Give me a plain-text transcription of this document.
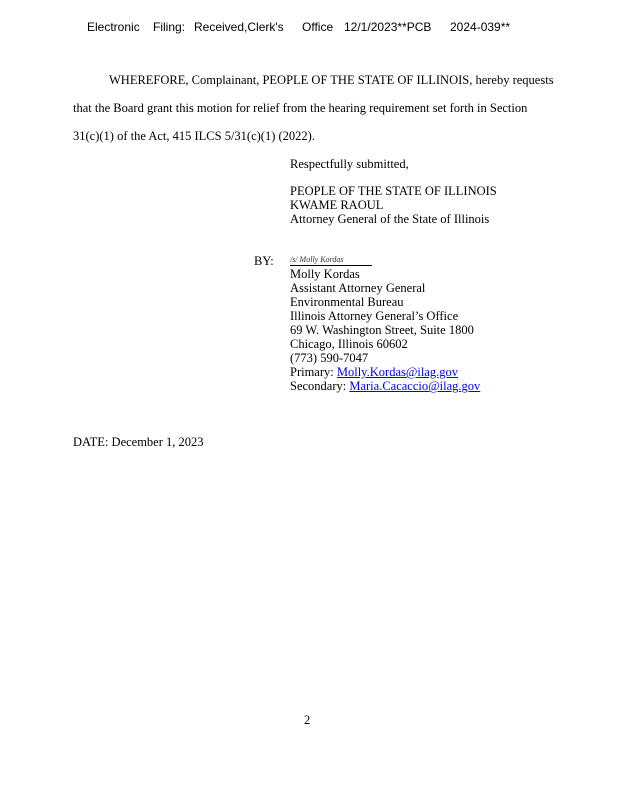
Electronic Filing: Received,Clerk's Office 12/1/2023**PCB 2024-039**
WHEREFORE, Complainant, PEOPLE OF THE STATE OF ILLINOIS, hereby requests
that the Board grant this motion for relief from the hearing requirement set forth in Section
31(c)(1) of the Act, 415 ILCS 5/31(c)(1) (2022).
Respectfully submitted,
PEOPLE OF THE STATE OF ILLINOIS
KWAME RAOUL
Attorney General of the State of Illinois
BY: /s/ Molly Kordas
Molly Kordas
Assistant Attorney General
Environmental Bureau
Illinois Attorney General’s Office
69 W. Washington Street, Suite 1800
Chicago, Illinois 60602
(773) 590-7047
Primary: Molly.Kordas@ilag.gov
Secondary: Maria.Cacaccio@ilag.gov
DATE: December 1, 2023
2
